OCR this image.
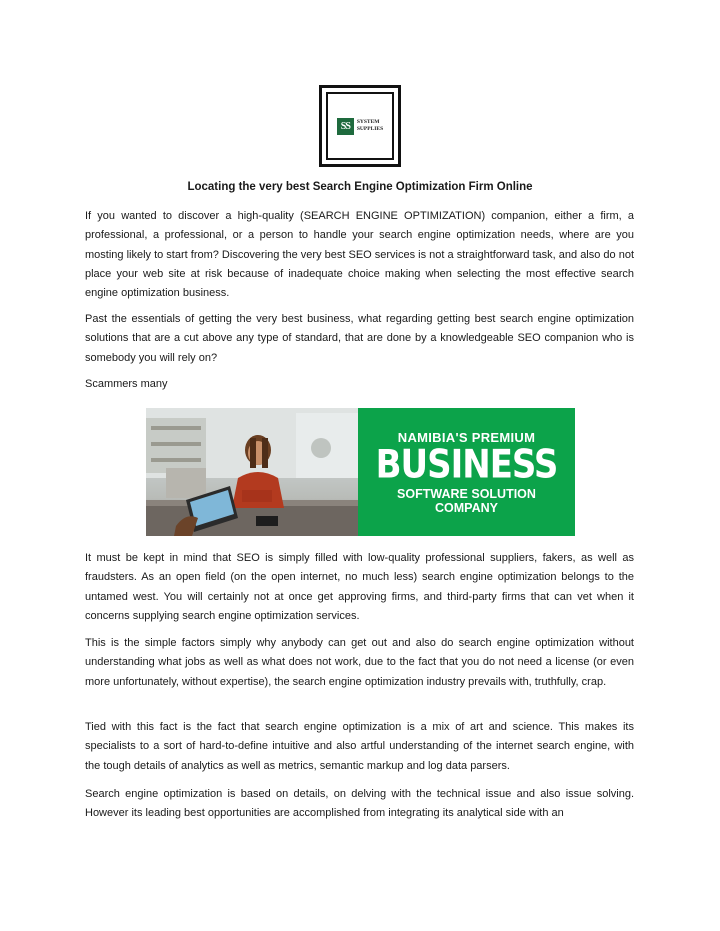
SS	SYSTEM
SUPPLIES
Locating the very best Search Engine Optimization Firm Online

If you wanted to discover a high-quality (SEARCH ENGINE OPTIMIZATION) companion, either a firm, a professional, a professional, or a person to handle your search engine optimization needs, where are you mosting likely to start from? Discovering the very best SEO services is not a straightforward task, and also do not place your web site at risk because of inadequate choice making when selecting the most effective search engine optimization business.

Past the essentials of getting the very best business, what regarding getting best search engine optimization solutions that are a cut above any type of standard, that are done by a knowledgeable SEO companion who is somebody you will rely on?

Scammers many

NAMIBIA'S PREMIUM

BUSINESS

SOFTWARE SOLUTION

COMPANY

It must be kept in mind that SEO is simply filled with low-quality professional suppliers, fakers, as well as fraudsters. As an open field (on the open internet, no much less) search engine optimization belongs to the untamed west. You will certainly not at once get approving firms, and third-party firms that can vet when it concerns supplying search engine optimization services.

This is the simple factors simply why anybody can get out and also do search engine optimization without understanding what jobs as well as what does not work, due to the fact that you do not need a license (or even more unfortunately, without expertise), the search engine optimization industry prevails with, truthfully, crap.

Tied with this fact is the fact that search engine optimization is a mix of art and science. This makes its specialists to a sort of hard-to-define intuitive and also artful understanding of the internet search engine, with the tough details of analytics as well as metrics, semantic markup and log data parsers.

Search engine optimization is based on details, on delving with the technical issue and also issue solving. However its leading best opportunities are accomplished from integrating its analytical side with an
